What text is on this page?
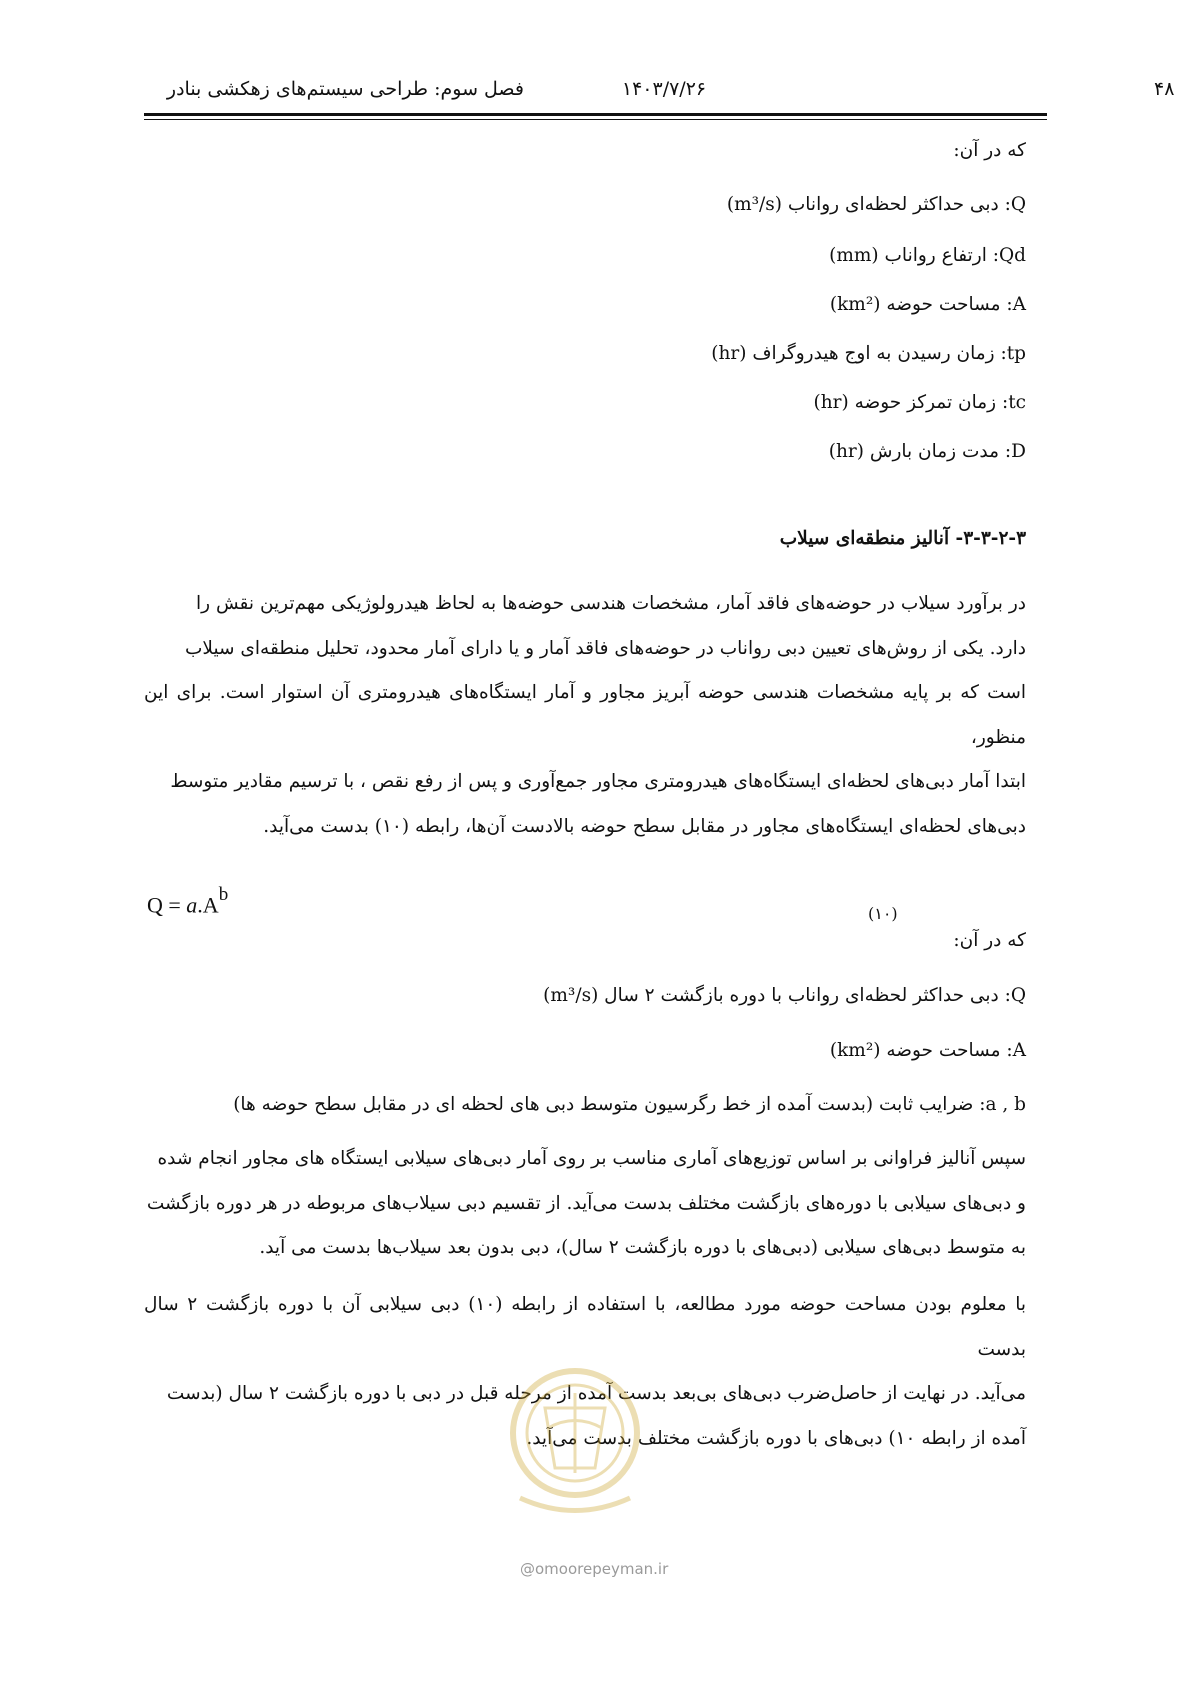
فصل سوم: طراحی سیستم‌های زهکشی بنادر	۱۴۰۳/۷/۲۶	۴۸
که در آن:
Q: دبی حداکثر لحظه‌ای رواناب (m³/s)
Qd: ارتفاع رواناب (mm)
A: مساحت حوضه (km²)
tp: زمان رسیدن به اوج هیدروگراف (hr)
tc: زمان تمرکز حوضه (hr)
D: مدت زمان بارش (hr)
۳-۳-۲-۳- آنالیز منطقه‌ای سیلاب
در برآورد سیلاب در حوضه‌های فاقد آمار، مشخصات هندسی حوضه‌ها به لحاظ هیدرولوژیکی مهم‌ترین نقش را
دارد. یکی از روش‌های تعیین دبی رواناب در حوضه‌های فاقد آمار و یا دارای آمار محدود، تحلیل منطقه‌ای سیلاب
است که بر پایه مشخصات هندسی حوضه آبریز مجاور و آمار ایستگاه‌های هیدرومتری آن استوار است. برای این منظور،
ابتدا آمار دبی‌های لحظه‌ای ایستگاه‌های هیدرومتری مجاور جمع‌آوری و پس از رفع نقص ، با ترسیم مقادیر متوسط
دبی‌های لحظه‌ای ایستگاه‌های مجاور در مقابل سطح حوضه بالادست آن‌ها، رابطه (۱۰) بدست می‌آید.
$Q = a.A^b$
(۱۰)
که در آن:
Q: دبی حداکثر لحظه‌ای رواناب با دوره بازگشت ۲ سال (m³/s)
A: مساحت حوضه (km²)
a , b: ضرایب ثابت (بدست آمده از خط رگرسیون متوسط دبی های لحظه ای در مقابل سطح حوضه ها)
سپس آنالیز فراوانی بر اساس توزیع‌های آماری مناسب بر روی آمار دبی‌های سیلابی ایستگاه های مجاور انجام شده
و دبی‌های سیلابی با دوره‌های بازگشت مختلف بدست می‌آید. از تقسیم دبی سیلاب‌های مربوطه در هر دوره بازگشت
به متوسط دبی‌های سیلابی (دبی‌های با دوره بازگشت ۲ سال)، دبی بدون بعد سیلاب‌ها بدست می آید.
با معلوم بودن مساحت حوضه مورد مطالعه، با استفاده از رابطه (۱۰) دبی سیلابی آن با دوره بازگشت ۲ سال بدست
می‌آید. در نهایت از حاصل‌ضرب دبی‌های بی‌بعد بدست آمده از مرحله قبل در دبی با دوره بازگشت ۲ سال (بدست
آمده از رابطه ۱۰) دبی‌های با دوره بازگشت مختلف بدست می‌آید.
@omoorepeyman.ir
